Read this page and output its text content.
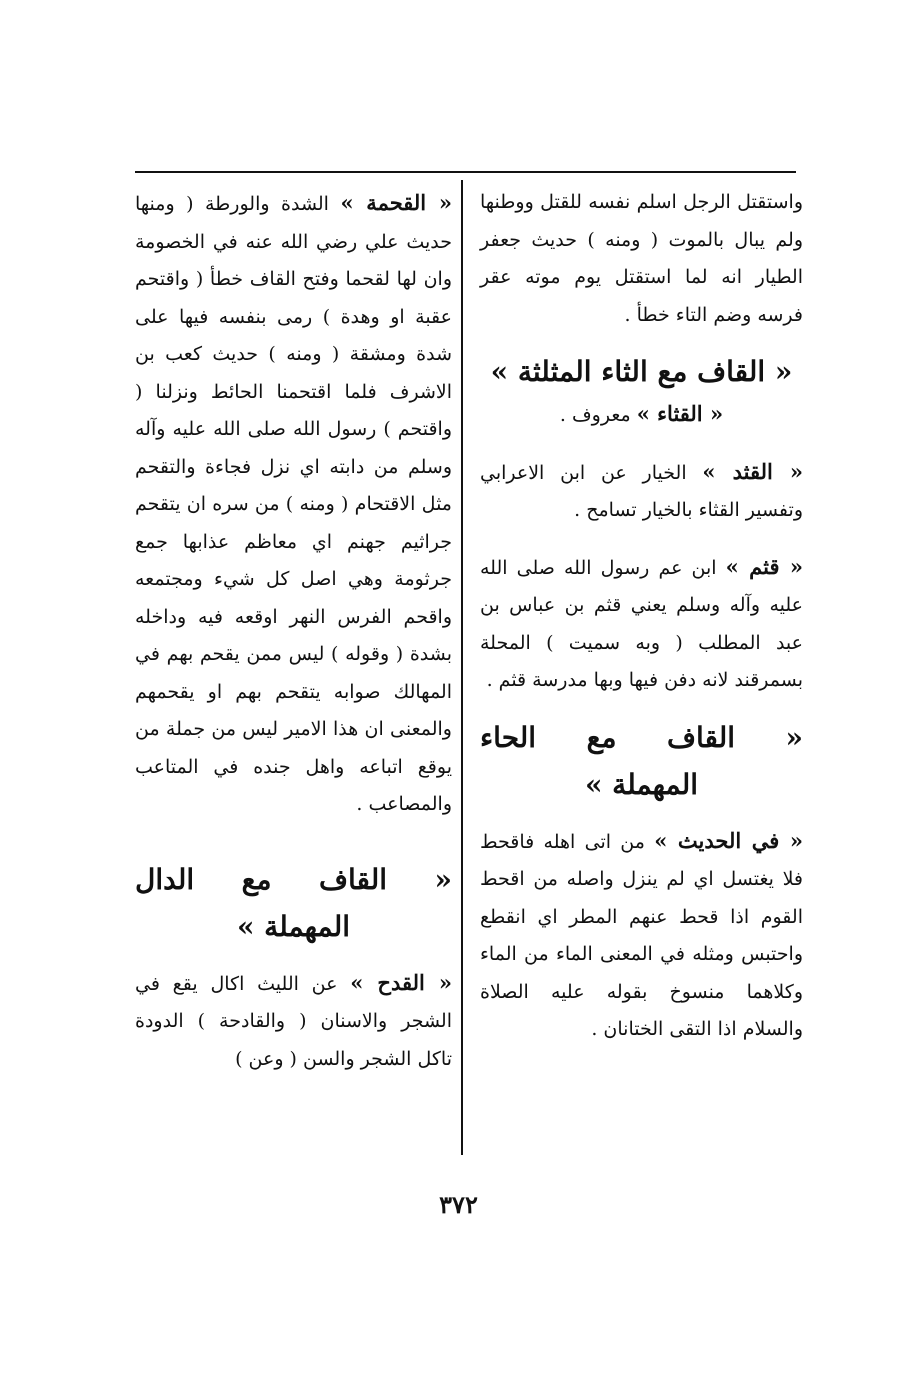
واستقتل الرجل اسلم نفسه للقتل ووطنها ولم يبال بالموت ( ومنه ) حديث جعفر الطيار انه لما استقتل يوم موته عقر فرسه وضم التاء خطأ .

« القاف مع الثاء المثلثة »

« القثاء » معروف .

« القثد » الخيار عن ابن الاعرابي وتفسير القثاء بالخيار تسامح .

« قثم » ابن عم رسول الله صلى الله عليه وآله وسلم يعني قثم بن عباس بن عبد المطلب ( وبه سميت ) المحلة بسمرقند لانه دفن فيها وبها مدرسة قثم .

« القاف مع الحاء

المهملة »

« في الحديث » من اتى اهله فاقحط فلا يغتسل اي لم ينزل واصله من اقحط القوم اذا قحط عنهم المطر اي انقطع واحتبس ومثله في المعنى الماء من الماء وكلاهما منسوخ بقوله عليه الصلاة والسلام اذا التقى الختانان .

« القحمة » الشدة والورطة ( ومنها حديث علي رضي الله عنه في الخصومة وان لها لقحما وفتح القاف خطأ ( واقتحم عقبة او وهدة ) رمى بنفسه فيها على شدة ومشقة ( ومنه ) حديث كعب بن الاشرف فلما اقتحمنا الحائط ونزلنا ( واقتحم ) رسول الله صلى الله عليه وآله وسلم من دابته اي نزل فجاءة والتقحم مثل الاقتحام ( ومنه ) من سره ان يتقحم جراثيم جهنم اي معاظم عذابها جمع جرثومة وهي اصل كل شيء ومجتمعه واقحم الفرس النهر اوقعه فيه وداخله بشدة ( وقوله ) ليس ممن يقحم بهم في المهالك صوابه يتقحم بهم او يقحمهم والمعنى ان هذا الامير ليس من جملة من يوقع اتباعه واهل جنده في المتاعب والمصاعب .

« القاف مع الدال

المهملة »

« القدح » عن الليث اكال يقع في الشجر والاسنان ( والقادحة ) الدودة تاكل الشجر والسن ( وعن )

٣٧٢
